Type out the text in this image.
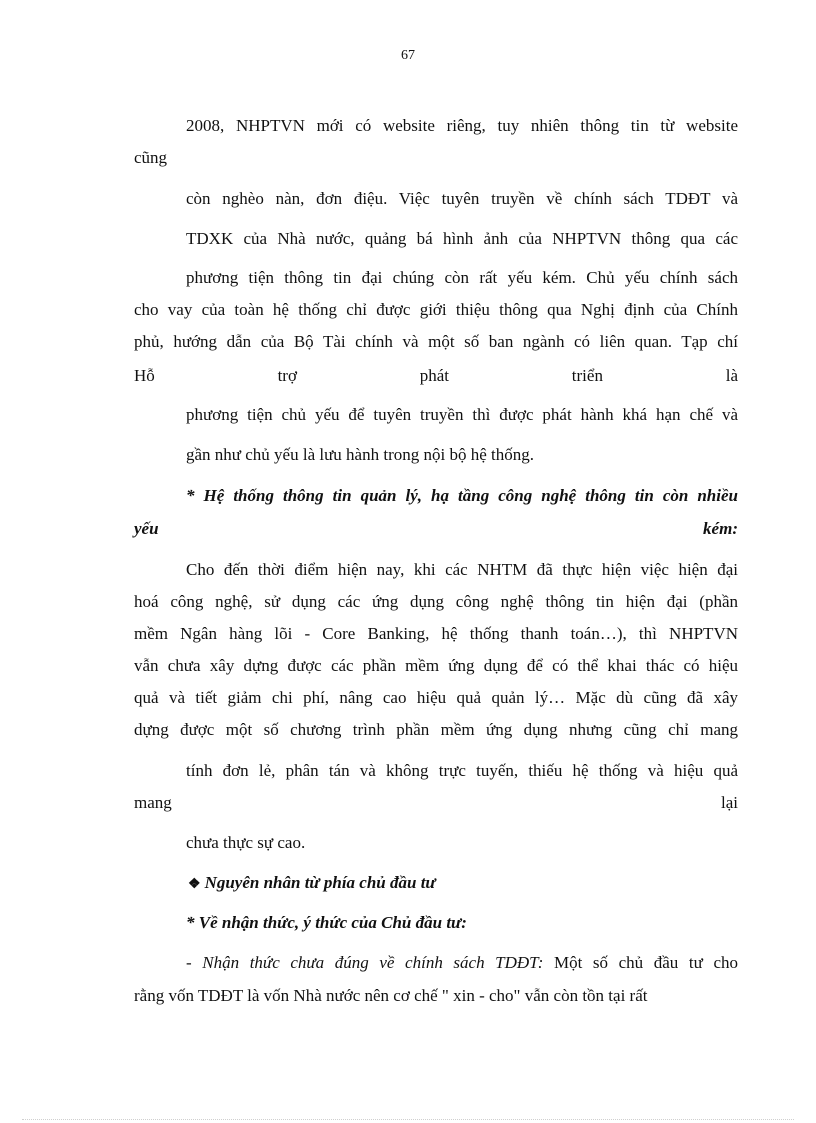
67
2008, NHPTVN mới có website riêng, tuy nhiên thông tin từ website
cũng
còn nghèo nàn, đơn điệu. Việc tuyên truyền về chính sách TDĐT và
TDXK của Nhà nước, quảng bá hình ảnh của NHPTVN thông qua các
phương tiện thông tin đại chúng còn rất yếu kém. Chủ yếu chính sách
cho vay của toàn hệ thống chỉ được giới thiệu thông qua Nghị định của Chính
phủ, hướng dẫn của Bộ Tài chính và một số ban ngành có liên quan. Tạp chí
Hỗ trợ phát triển là
phương tiện chủ yếu để tuyên truyền thì được phát hành khá hạn chế và
gần như chủ yếu là lưu hành trong nội bộ hệ thống.
* Hệ thống thông tin quản lý, hạ tầng công nghệ thông tin còn nhiều
yếu kém:
Cho đến thời điểm hiện nay, khi các NHTM đã thực hiện việc hiện đại
hoá công nghệ, sử dụng các ứng dụng công nghệ thông tin hiện đại (phần
mềm Ngân hàng lõi - Core Banking, hệ thống thanh toán…), thì NHPTVN
vẫn chưa xây dựng được các phần mềm ứng dụng để có thể khai thác có hiệu
quả và tiết giảm chi phí, nâng cao hiệu quả quản lý… Mặc dù cũng đã xây
dựng được một số chương trình phần mềm ứng dụng nhưng cũng chỉ mang
tính đơn lẻ, phân tán và không trực tuyến, thiếu hệ thống và hiệu quả
mang lại
chưa thực sự cao.
❖ Nguyên nhân từ phía chủ đầu tư
* Về nhận thức, ý thức của Chủ đầu tư:
- Nhận thức chưa đúng về chính sách TDĐT: Một số chủ đầu tư cho
rằng vốn TDĐT là vốn Nhà nước nên cơ chế " xin - cho" vẫn còn tồn tại rất
